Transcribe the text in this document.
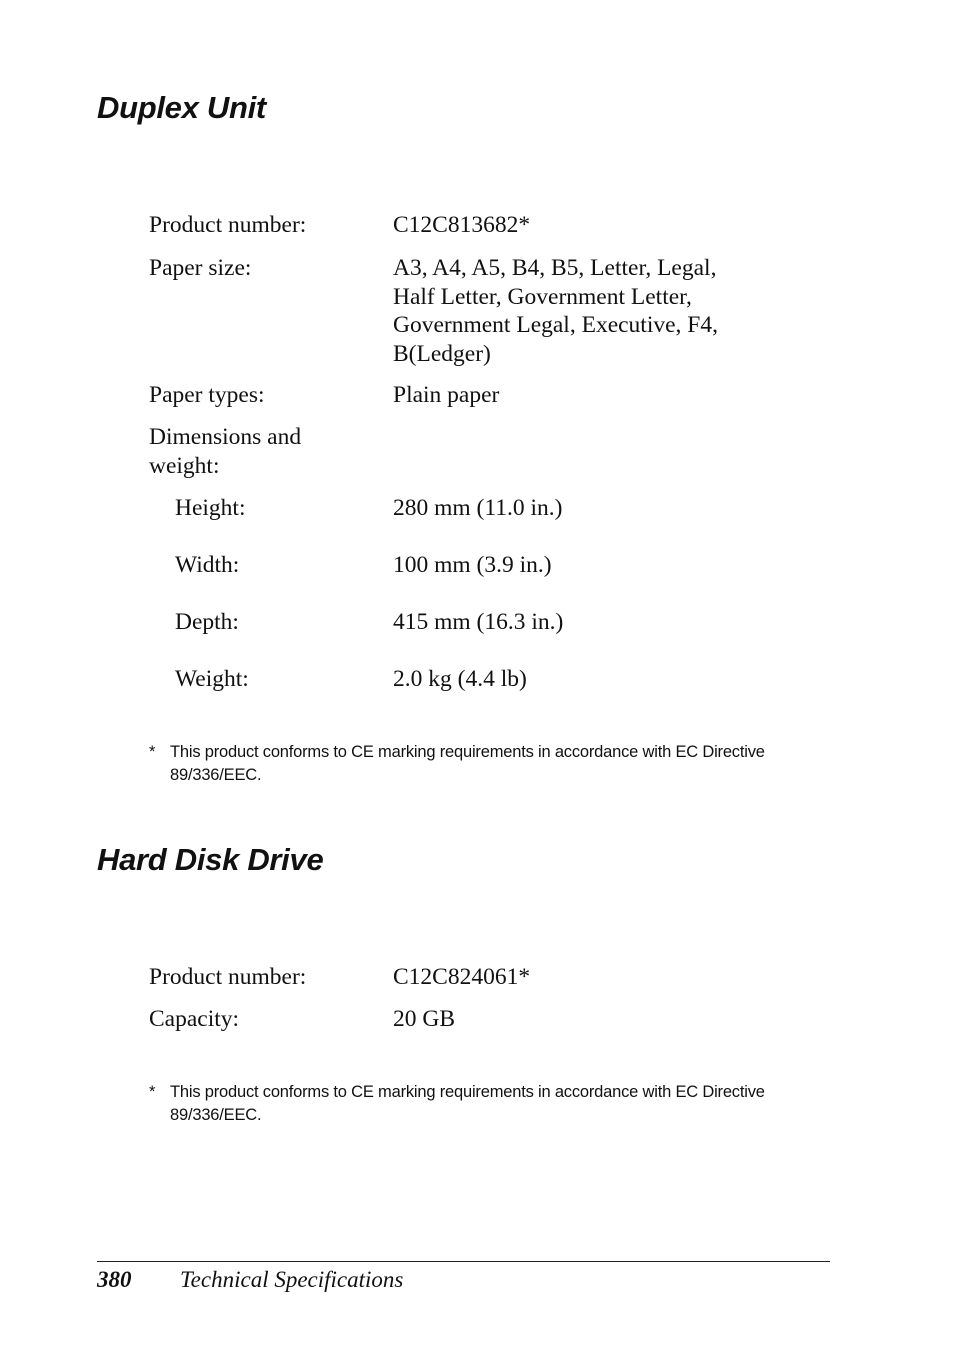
Duplex Unit
Product number:	C12C813682*
Paper size:	A3, A4, A5, B4, B5, Letter, Legal,
Half Letter, Government Letter,
Government Legal, Executive, F4,
B(Ledger)
Paper types:	Plain paper
Dimensions and
weight:
Height:	280 mm (11.0 in.)
Width:	100 mm (3.9 in.)
Depth:	415 mm (16.3 in.)
Weight:	2.0 kg (4.4 lb)
* This product conforms to CE marking requirements in accordance with EC Directive
89/336/EEC.
Hard Disk Drive
Product number:	C12C824061*
Capacity:	20 GB
* This product conforms to CE marking requirements in accordance with EC Directive
89/336/EEC.
380 Technical Specifications
